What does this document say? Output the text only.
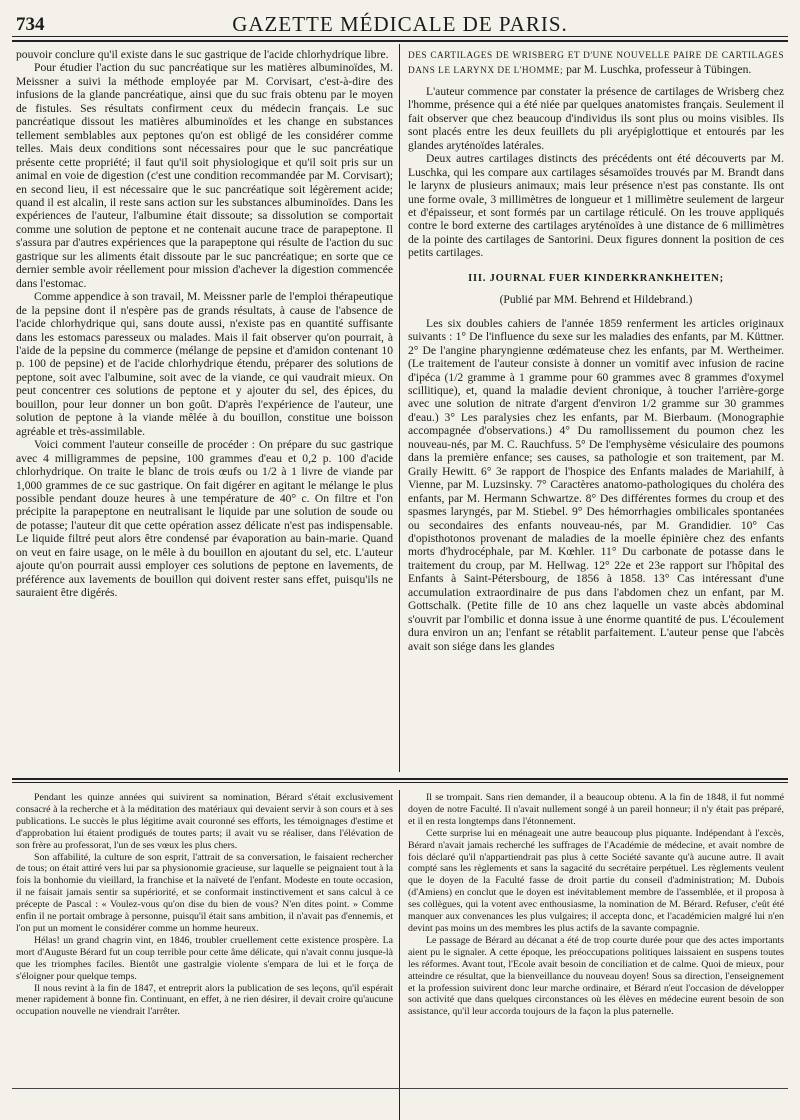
734	GAZETTE MÉDICALE DE PARIS.

pouvoir conclure qu'il existe dans le suc gastrique de l'acide chlorhydrique libre.

Pour étudier l'action du suc pancréatique sur les matières albuminoïdes, M. Meissner a suivi la méthode employée par M. Corvisart, c'est-à-dire des infusions de la glande pancréatique, ainsi que du suc frais obtenu par le moyen de fistules. Ses résultats confirment ceux du médecin français. Le suc pancréatique dissout les matières albuminoïdes et les change en substances tellement semblables aux peptones qu'on est obligé de les considérer comme telles. Mais deux conditions sont nécessaires pour que le suc pancréatique présente cette propriété; il faut qu'il soit physiologique et qu'il soit pris sur un animal en voie de digestion (c'est une condition recommandée par M. Corvisart); en second lieu, il est nécessaire que le suc pancréatique soit légèrement acide; quand il est alcalin, il reste sans action sur les substances albuminoïdes. Dans les expériences de l'auteur, l'albumine était dissoute; sa dissolution se comportait comme une solution de peptone et ne contenait aucune trace de parapeptone. Il s'assura par d'autres expériences que la parapeptone qui résulte de l'action du suc gastrique sur les aliments était dissoute par le suc pancréatique; en sorte que ce dernier semble avoir réellement pour mission d'achever la digestion commencée dans l'estomac.

Comme appendice à son travail, M. Meissner parle de l'emploi thérapeutique de la pepsine dont il n'espère pas de grands résultats, à cause de l'absence de l'acide chlorhydrique qui, sans doute aussi, n'existe pas en quantité suffisante dans les estomacs paresseux ou malades. Mais il fait observer qu'on pourrait, à l'aide de la pepsine du commerce (mélange de pepsine et d'amidon contenant 10 p. 100 de pepsine) et de l'acide chlorhydrique étendu, préparer des solutions de peptone, soit avec l'albumine, soit avec de la viande, ce qui vaudrait mieux. On peut concentrer ces solutions de peptone et y ajouter du sel, des épices, du bouillon, pour leur donner un bon goût. D'après l'expérience de l'auteur, une solution de peptone à la viande mêlée à du bouillon, constitue une boisson agréable et très-assimilable.

Voici comment l'auteur conseille de procéder : On prépare du suc gastrique avec 4 milligrammes de pepsine, 100 grammes d'eau et 0,2 p. 100 d'acide chlorhydrique. On traite le blanc de trois œufs ou 1/2 à 1 livre de viande par 1,000 grammes de ce suc gastrique. On fait digérer en agitant le mélange le plus possible pendant douze heures à une température de 40° c. On filtre et l'on précipite la parapeptone en neutralisant le liquide par une solution de soude ou de potasse; l'auteur dit que cette opération assez délicate n'est pas indispensable. Le liquide filtré peut alors être condensé par évaporation au bain-marie. Quand on veut en faire usage, on le mêle à du bouillon en ajoutant du sel, etc. L'auteur ajoute qu'on pourrait aussi employer ces solutions de peptone en lavements, de préférence aux lavements de bouillon qui doivent rester sans effet, puisqu'ils ne sauraient être digérés.

DES CARTILAGES DE WRISBERG ET D'UNE NOUVELLE PAIRE DE CARTILAGES DANS LE LARYNX DE L'HOMME; par M. Luschka, professeur à Tübingen.

L'auteur commence par constater la présence de cartilages de Wrisberg chez l'homme, présence qui a été niée par quelques anatomistes français. Seulement il fait observer que chez beaucoup d'individus ils sont plus ou moins visibles. Ils sont placés entre les deux feuillets du pli aryépiglottique et entourés par les glandes aryténoïdes latérales.

Deux autres cartilages distincts des précédents ont été découverts par M. Luschka, qui les compare aux cartilages sésamoïdes trouvés par M. Brandt dans le larynx de plusieurs animaux; mais leur présence n'est pas constante. Ils ont une forme ovale, 3 millimètres de longueur et 1 millimètre seulement de largeur et d'épaisseur, et sont formés par un cartilage réticulé. On les trouve appliqués contre le bord externe des cartilages aryténoïdes à une distance de 6 millimètres de la pointe des cartilages de Santorini. Deux figures donnent la position de ces petits cartilages.

III. JOURNAL FUER KINDERKRANKHEITEN;
(Publié par MM. Behrend et Hildebrand.)

Les six doubles cahiers de l'année 1859 renferment les articles originaux suivants : 1° De l'influence du sexe sur les maladies des enfants, par M. Küttner. 2° De l'angine pharyngienne œdémateuse chez les enfants, par M. Wertheimer. (Le traitement de l'auteur consiste à donner un vomitif avec infusion de racine d'ipéca (1/2 gramme à 1 gramme pour 60 grammes avec 8 grammes d'oxymel scillitique), et, quand la maladie devient chronique, à toucher l'arrière-gorge avec une solution de nitrate d'argent d'environ 1/2 gramme sur 30 grammes d'eau.) 3° Les paralysies chez les enfants, par M. Bierbaum. (Monographie accompagnée d'observations.) 4° Du ramollissement du poumon chez les nouveau-nés, par M. C. Rauchfuss. 5° De l'emphysème vésiculaire des poumons dans la première enfance; ses causes, sa pathologie et son traitement, par M. Graily Hewitt. 6° 3e rapport de l'hospice des Enfants malades de Mariahilf, à Vienne, par M. Luzsinsky. 7° Caractères anatomo-pathologiques du choléra des enfants, par M. Hermann Schwartze. 8° Des différentes formes du croup et des spasmes laryngés, par M. Stiebel. 9° Des hémorrhagies ombilicales spontanées ou secondaires des enfants nouveau-nés, par M. Grandidier. 10° Cas d'opisthotonos provenant de maladies de la moelle épinière chez des enfants morts d'hydrocéphale, par M. Kœhler. 11° Du carbonate de potasse dans le traitement du croup, par M. Hellwag. 12° 22e et 23e rapport sur l'hôpital des Enfants à Saint-Pétersbourg, de 1856 à 1858. 13° Cas intéressant d'une accumulation extraordinaire de pus dans l'abdomen chez un enfant, par M. Gottschalk. (Petite fille de 10 ans chez laquelle un vaste abcès abdominal s'ouvrit par l'ombilic et donna issue à une énorme quantité de pus. L'écoulement dura environ un an; l'enfant se rétablit parfaitement. L'auteur pense que l'abcès avait son siége dans les glandes

Pendant les quinze années qui suivirent sa nomination, Bérard s'était exclusivement consacré à la recherche et à la méditation des matériaux qui devaient servir à son cours et à ses publications. Le succès le plus légitime avait couronné ses efforts, les témoignages d'estime et d'approbation lui étaient prodigués de toutes parts; il avait vu se réaliser, dans l'élévation de son frère au professorat, l'un de ses vœux les plus chers.

Son affabilité, la culture de son esprit, l'attrait de sa conversation, le faisaient rechercher de tous; on était attiré vers lui par sa physionomie gracieuse, sur laquelle se peignaient tout à la fois la bonhomie du vieillard, la franchise et la naïveté de l'enfant. Modeste en toute occasion, il ne faisait jamais sentir sa supériorité, et se conformait instinctivement et sans calcul à ce précepte de Pascal : « Voulez-vous qu'on dise du bien de vous? N'en dites point. » Comme enfin il ne portait ombrage à personne, puisqu'il était sans ambition, il n'avait pas d'ennemis, et l'on put un moment le considérer comme un homme heureux.

Hélas! un grand chagrin vint, en 1846, troubler cruellement cette existence prospère. La mort d'Auguste Bérard fut un coup terrible pour cette âme délicate, qui n'avait connu jusque-là que les triomphes faciles. Bientôt une gastralgie violente s'empara de lui et le força de s'éloigner pour quelque temps.

Il nous revint à la fin de 1847, et entreprit alors la publication de ses leçons, qu'il espérait mener rapidement à bonne fin. Continuant, en effet, à ne rien désirer, il devait croire qu'aucune occupation nouvelle ne viendrait l'arrêter.

Il se trompait. Sans rien demander, il a beaucoup obtenu. A la fin de 1848, il fut nommé doyen de notre Faculté. Il n'avait nullement songé à un pareil honneur; il n'y était pas préparé, et il en resta longtemps dans l'étonnement.

Cette surprise lui en ménageait une autre beaucoup plus piquante. Indépendant à l'excès, Bérard n'avait jamais recherché les suffrages de l'Académie de médecine, et avait nombre de fois déclaré qu'il n'appartiendrait pas plus à cette Société savante qu'à aucune autre. Il avait compté sans les règlements et sans la sagacité du secrétaire perpétuel. Les règlements veulent que le doyen de la Faculté fasse de droit partie du conseil d'administration; M. Dubois (d'Amiens) en conclut que le doyen est inévitablement membre de l'assemblée, et il proposa à ses collègues, qui la votent avec enthousiasme, la nomination de M. Bérard. Refuser, c'eût été manquer aux convenances les plus vulgaires; il accepta donc, et l'académicien malgré lui n'en devint pas moins un des membres les plus actifs de la savante compagnie.

Le passage de Bérard au décanat a été de trop courte durée pour que des actes importants aient pu le signaler. A cette époque, les préoccupations politiques laissaient en suspens toutes les réformes. Avant tout, l'Ecole avait besoin de conciliation et de calme. Quoi de mieux, pour atteindre ce résultat, que la bienveillance du nouveau doyen! Sous sa direction, l'enseignement et la profession suivirent donc leur marche ordinaire, et Bérard n'eut l'occasion de développer son activité que dans quelques circonstances où les élèves en médecine eurent besoin de son assistance, qu'il leur accorda toujours de la façon la plus paternelle.
